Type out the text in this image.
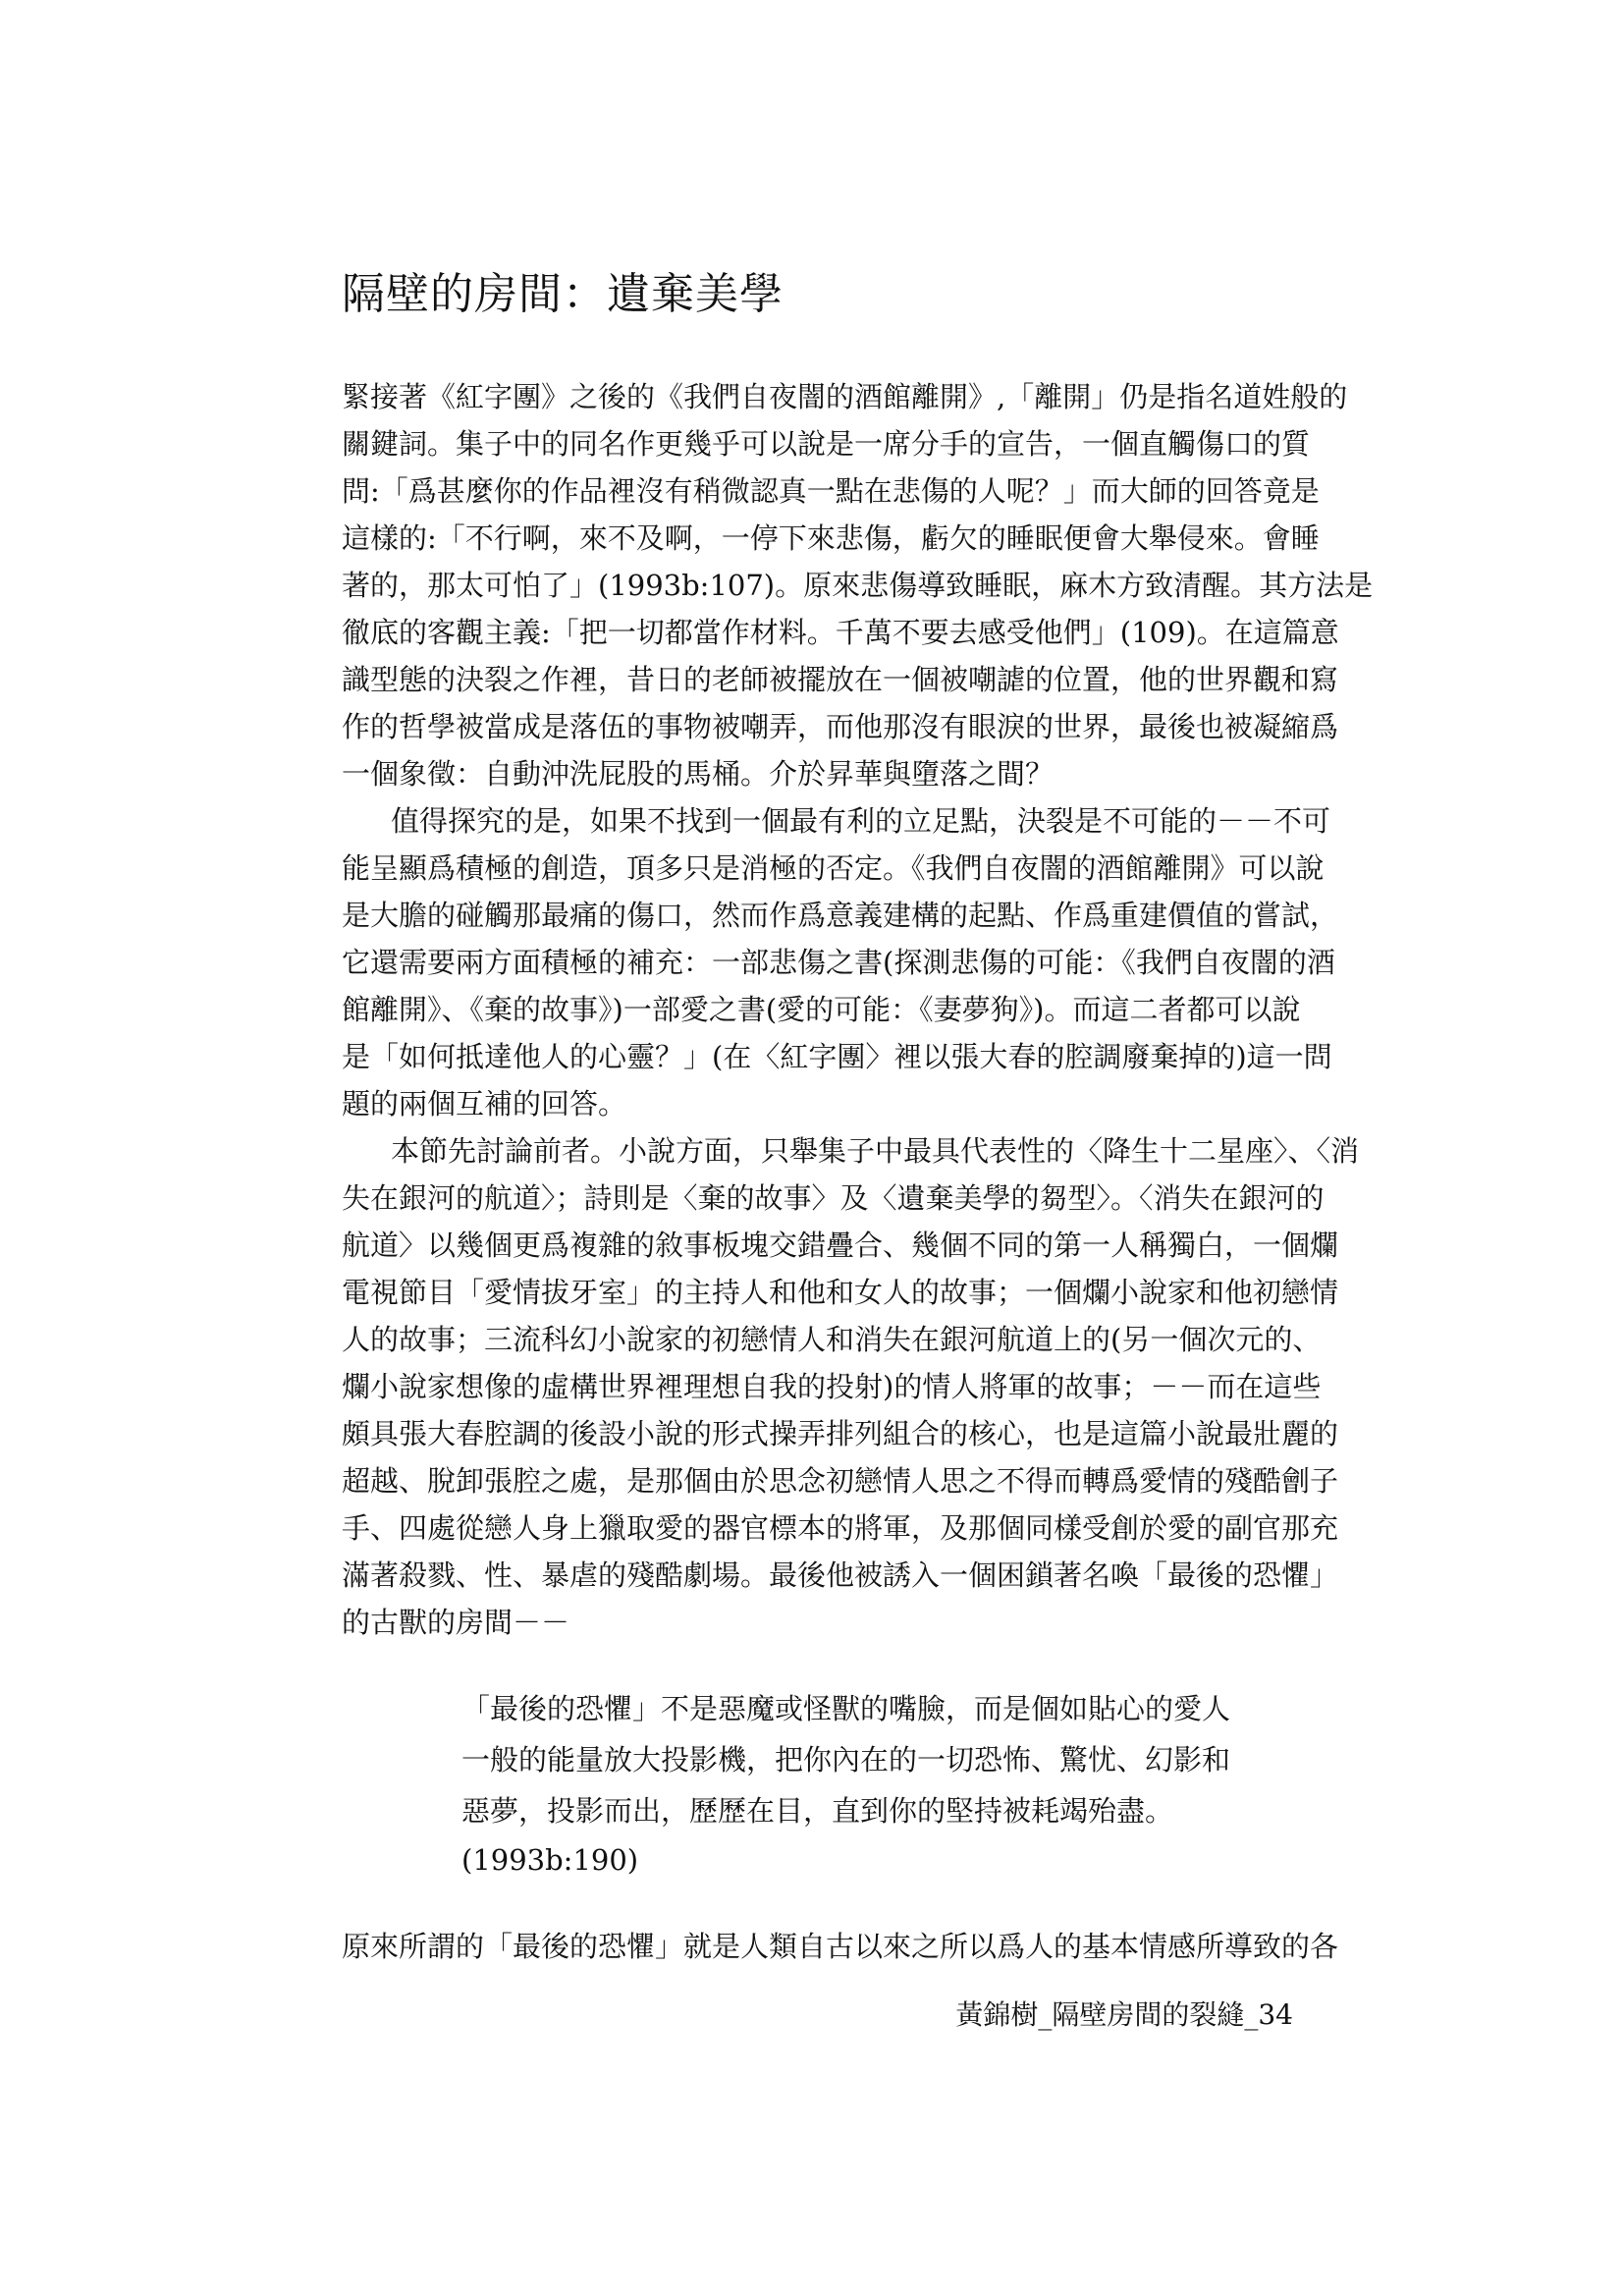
隔壁的房間：遺棄美學
緊接著《紅字團》之後的《我們自夜闇的酒館離開》,「離開」仍是指名道姓般的
關鍵詞。集子中的同名作更幾乎可以說是一席分手的宣告，一個直觸傷口的質
問:「爲甚麼你的作品裡沒有稍微認真一點在悲傷的人呢？」而大師的回答竟是
這樣的:「不行啊，來不及啊，一停下來悲傷，虧欠的睡眠便會大舉侵來。會睡
著的，那太可怕了」(1993b:107)。原來悲傷導致睡眠，麻木方致清醒。其方法是
徹底的客觀主義:「把一切都當作材料。千萬不要去感受他們」(109)。在這篇意
識型態的決裂之作裡，昔日的老師被擺放在一個被嘲謔的位置，他的世界觀和寫
作的哲學被當成是落伍的事物被嘲弄，而他那沒有眼淚的世界，最後也被凝縮爲
一個象徵：自動沖洗屁股的馬桶。介於昇華與墮落之間？
值得探究的是，如果不找到一個最有利的立足點，決裂是不可能的－－不可
能呈顯爲積極的創造，頂多只是消極的否定。《我們自夜闇的酒館離開》可以說
是大膽的碰觸那最痛的傷口，然而作爲意義建構的起點、作爲重建價值的嘗試，
它還需要兩方面積極的補充：一部悲傷之書(探測悲傷的可能：《我們自夜闇的酒
館離開》、《棄的故事》)一部愛之書(愛的可能：《妻夢狗》)。而這二者都可以說
是「如何抵達他人的心靈？」(在〈紅字團〉裡以張大春的腔調廢棄掉的)這一問
題的兩個互補的回答。
本節先討論前者。小說方面，只舉集子中最具代表性的〈降生十二星座〉、〈消
失在銀河的航道〉；詩則是〈棄的故事〉及〈遺棄美學的芻型〉。〈消失在銀河的
航道〉以幾個更爲複雜的敘事板塊交錯疊合、幾個不同的第一人稱獨白，一個爛
電視節目「愛情拔牙室」的主持人和他和女人的故事；一個爛小說家和他初戀情
人的故事；三流科幻小說家的初戀情人和消失在銀河航道上的(另一個次元的、
爛小說家想像的虛構世界裡理想自我的投射)的情人將軍的故事；－－而在這些
頗具張大春腔調的後設小說的形式操弄排列組合的核心，也是這篇小說最壯麗的
超越、脫卸張腔之處，是那個由於思念初戀情人思之不得而轉爲愛情的殘酷劊子
手、四處從戀人身上獵取愛的器官標本的將軍，及那個同樣受創於愛的副官那充
滿著殺戮、性、暴虐的殘酷劇場。最後他被誘入一個困鎖著名喚「最後的恐懼」
的古獸的房間－－
「最後的恐懼」不是惡魔或怪獸的嘴臉，而是個如貼心的愛人
一般的能量放大投影機，把你內在的一切恐怖、驚忧、幻影和
惡夢，投影而出，歷歷在目，直到你的堅持被耗竭殆盡。
(1993b:190)
原來所謂的「最後的恐懼」就是人類自古以來之所以爲人的基本情感所導致的各
黃錦樹_隔壁房間的裂縫_34
